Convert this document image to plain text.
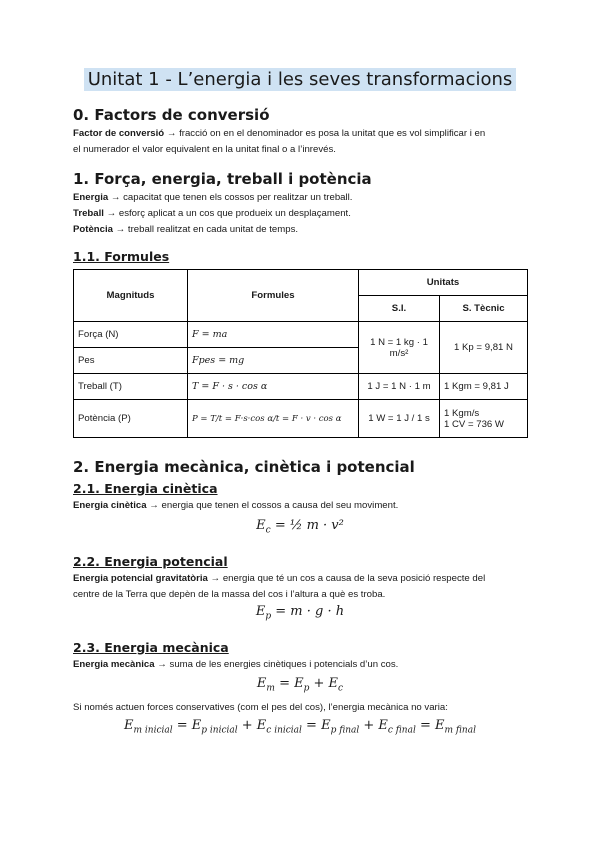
Unitat 1 - L’energia i les seves transformacions
0. Factors de conversió

Factor de conversió → fracció on en el denominador es posa la unitat que es vol simplificar i en
el numerador el valor equivalent en la unitat final o a l’inrevés.

1. Força, energia, treball i potència

Energia → capacitat que tenen els cossos per realitzar un treball.
Treball → esforç aplicat a un cos que produeix un desplaçament.
Potència → treball realitzat en cada unitat de temps.

1.1. Formules
Magnituds	Formules	Unitats	
		S.I.	S. Tècnic
Força (N)	F = ma	1 N = 1 kg · 1 m/s²	1 Kp = 9,81 N
Pes	Fpes = mg		
Treball (T)	T = F · s · cos α	1 J = 1 N · 1 m	1 Kgm = 9,81 J
Potència (P)	P = T/t = F·s·cos α/t = F · v · cos α	1 W = 1 J / 1 s	1 Kgm/s
1 CV = 736 W
2. Energia mecànica, cinètica i potencial
2.1. Energia cinètica

Energia cinètica → energia que tenen el cossos a causa del seu moviment.

$E_c$ = ½ m · v²
2.2. Energia potencial

Energia potencial gravitatòria → energia que té un cos a causa de la seva posició respecte del
centre de la Terra que depèn de la massa del cos i l’altura a què es troba.

$E_p = m \cdot g \cdot h$
2.3. Energia mecànica

Energia mecànica → suma de les energies cinètiques i potencials d’un cos.

$E_m = E_p + E_c$

Si només actuen forces conservatives (com el pes del cos), l’energia mecànica no varia:

$E_{m inicial} = E_{p inicial} + E_{c inicial} = E_{p final} + E_{c final} = E_{m final}$
